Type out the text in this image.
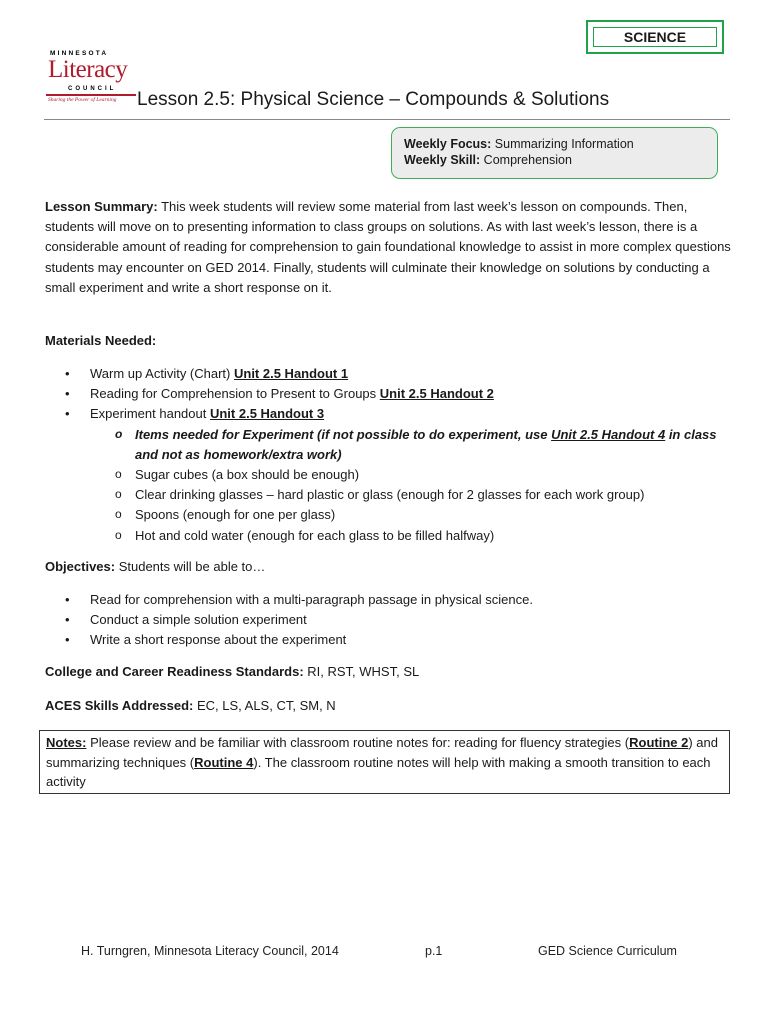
SCIENCE
MINNESOTA
Literacy
COUNCIL
Sharing the Power of Learning Lesson 2.5: Physical Science – Compounds & Solutions
Weekly Focus: Summarizing Information
Weekly Skill: Comprehension
Lesson Summary: This week students will review some material from last week’s lesson on compounds. Then, students will move on to presenting information to class groups on solutions. As with last week’s lesson, there is a considerable amount of reading for comprehension to gain foundational knowledge to assist in more complex questions students may encounter on GED 2014. Finally, students will culminate their knowledge on solutions by conducting a small experiment and write a short response on it.
Materials Needed:
• Warm up Activity (Chart) Unit 2.5 Handout 1
• Reading for Comprehension to Present to Groups Unit 2.5 Handout 2
• Experiment handout Unit 2.5 Handout 3
o Items needed for Experiment (if not possible to do experiment, use Unit 2.5 Handout 4 in class and not as homework/extra work)
o Sugar cubes (a box should be enough)
o Clear drinking glasses – hard plastic or glass (enough for 2 glasses for each work group)
o Spoons (enough for one per glass)
o Hot and cold water (enough for each glass to be filled halfway)
Objectives: Students will be able to…
• Read for comprehension with a multi-paragraph passage in physical science.
• Conduct a simple solution experiment
• Write a short response about the experiment
College and Career Readiness Standards: RI, RST, WHST, SL
ACES Skills Addressed: EC, LS, ALS, CT, SM, N
Notes: Please review and be familiar with classroom routine notes for: reading for fluency strategies (Routine 2) and summarizing techniques (Routine 4). The classroom routine notes will help with making a smooth transition to each activity
H. Turngren, Minnesota Literacy Council, 2014	p.1	GED Science Curriculum
